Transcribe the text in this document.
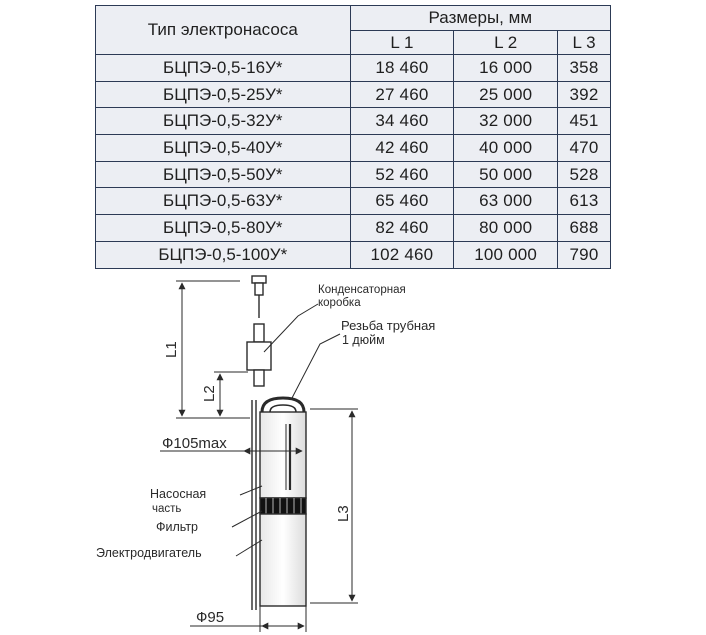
Тип электронасоса	Размеры, мм		
	L 1	L 2	L 3
БЦПЭ-0,5-16У*	18 460	16 000	358
БЦПЭ-0,5-25У*	27 460	25 000	392
БЦПЭ-0,5-32У*	34 460	32 000	451
БЦПЭ-0,5-40У*	42 460	40 000	470
БЦПЭ-0,5-50У*	52 460	50 000	528
БЦПЭ-0,5-63У*	65 460	63 000	613
БЦПЭ-0,5-80У*	82 460	80 000	688
БЦПЭ-0,5-100У*	102 460	100 000	790
Конденсаторная
коробка
Резьба трубная
1 дюйм
L1
L2
L3
Ф105max
Насосная
часть
Фильтр
Электродвигатель
Ф95
